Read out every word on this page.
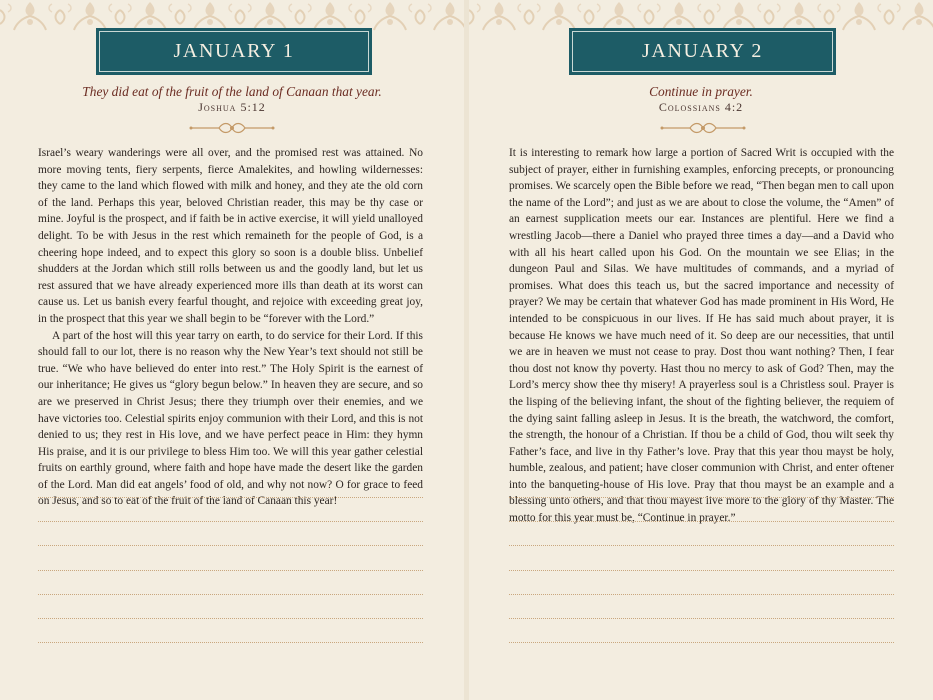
JANUARY 1
They did eat of the fruit of the land of Canaan that year.
Joshua 5:12

Israel’s weary wanderings were all over, and the promised rest was attained. No more moving tents, fiery serpents, fierce Amalekites, and howling wildernesses: they came to the land which flowed with milk and honey, and they ate the old corn of the land. Perhaps this year, beloved Christian reader, this may be thy case or mine. Joyful is the prospect, and if faith be in active exercise, it will yield unalloyed delight. To be with Jesus in the rest which remaineth for the people of God, is a cheering hope indeed, and to expect this glory so soon is a double bliss. Unbelief shudders at the Jordan which still rolls between us and the goodly land, but let us rest assured that we have already experienced more ills than death at its worst can cause us. Let us banish every fearful thought, and rejoice with exceeding great joy, in the prospect that this year we shall begin to be “forever with the Lord.”

A part of the host will this year tarry on earth, to do service for their Lord. If this should fall to our lot, there is no reason why the New Year’s text should not still be true. “We who have believed do enter into rest.” The Holy Spirit is the earnest of our inheritance; He gives us “glory begun below.” In heaven they are secure, and so are we preserved in Christ Jesus; there they triumph over their enemies, and we have victories too. Celestial spirits enjoy communion with their Lord, and this is not denied to us; they rest in His love, and we have perfect peace in Him: they hymn His praise, and it is our privilege to bless Him too. We will this year gather celestial fruits on earthly ground, where faith and hope have made the desert like the garden of the Lord. Man did eat angels’ food of old, and why not now? O for grace to feed on Jesus, and so to eat of the fruit of the land of Canaan this year!

JANUARY 2
Continue in prayer.
Colossians 4:2

It is interesting to remark how large a portion of Sacred Writ is occupied with the subject of prayer, either in furnishing examples, enforcing precepts, or pronouncing promises. We scarcely open the Bible before we read, “Then began men to call upon the name of the Lord”; and just as we are about to close the volume, the “Amen” of an earnest supplication meets our ear. Instances are plentiful. Here we find a wrestling Jacob—there a Daniel who prayed three times a day—and a David who with all his heart called upon his God. On the mountain we see Elias; in the dungeon Paul and Silas. We have multitudes of commands, and a myriad of promises. What does this teach us, but the sacred importance and necessity of prayer? We may be certain that whatever God has made prominent in His Word, He intended to be conspicuous in our lives. If He has said much about prayer, it is because He knows we have much need of it. So deep are our necessities, that until we are in heaven we must not cease to pray. Dost thou want nothing? Then, I fear thou dost not know thy poverty. Hast thou no mercy to ask of God? Then, may the Lord’s mercy show thee thy misery! A prayerless soul is a Christless soul. Prayer is the lisping of the believing infant, the shout of the fighting believer, the requiem of the dying saint falling asleep in Jesus. It is the breath, the watchword, the comfort, the strength, the honour of a Christian. If thou be a child of God, thou wilt seek thy Father’s face, and live in thy Father’s love. Pray that this year thou mayst be holy, humble, zealous, and patient; have closer communion with Christ, and enter oftener into the banqueting-house of His love. Pray that thou mayst be an example and a blessing unto others, and that thou mayest live more to the glory of thy Master. The motto for this year must be, “Continue in prayer.”
